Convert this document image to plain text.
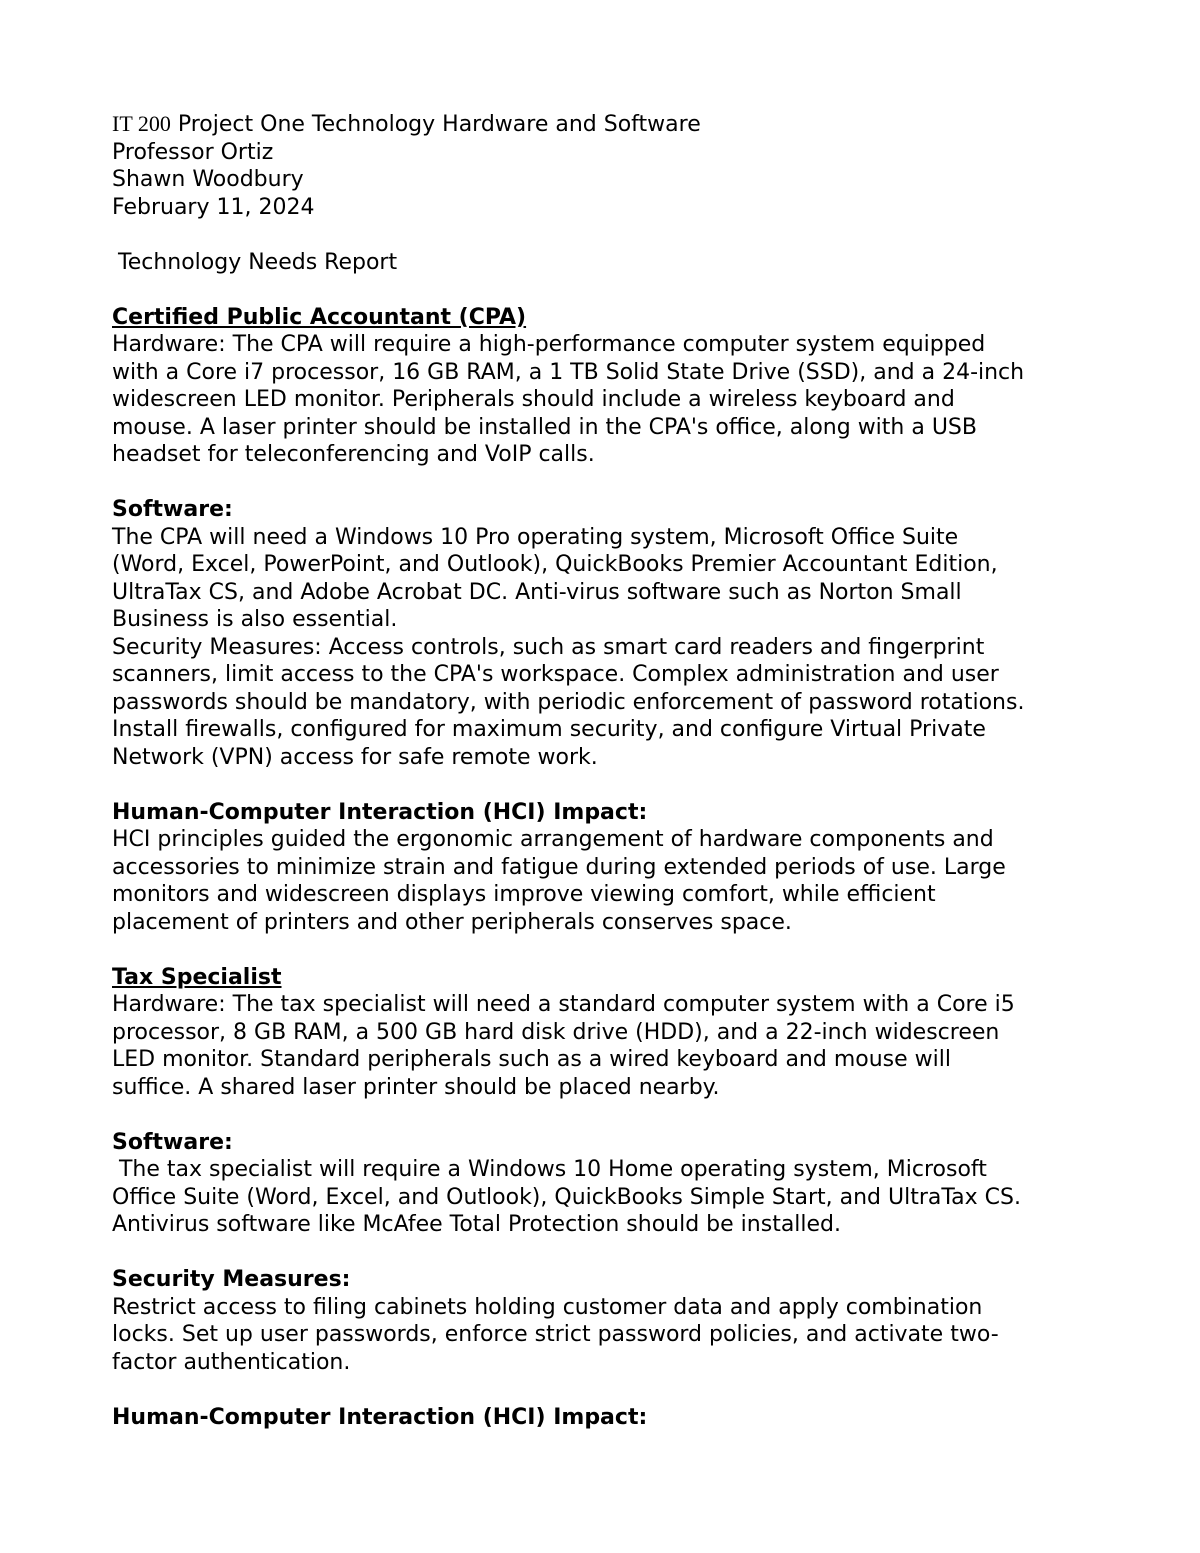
IT 200 Project One Technology Hardware and Software
Professor Ortiz
Shawn Woodbury
February 11, 2024
Technology Needs Report
Certified Public Accountant (CPA)
Hardware: The CPA will require a high-performance computer system equipped
with a Core i7 processor, 16 GB RAM, a 1 TB Solid State Drive (SSD), and a 24-inch
widescreen LED monitor. Peripherals should include a wireless keyboard and
mouse. A laser printer should be installed in the CPA's office, along with a USB
headset for teleconferencing and VoIP calls.
Software:
The CPA will need a Windows 10 Pro operating system, Microsoft Office Suite
(Word, Excel, PowerPoint, and Outlook), QuickBooks Premier Accountant Edition,
UltraTax CS, and Adobe Acrobat DC. Anti-virus software such as Norton Small
Business is also essential.
Security Measures: Access controls, such as smart card readers and fingerprint
scanners, limit access to the CPA's workspace. Complex administration and user
passwords should be mandatory, with periodic enforcement of password rotations.
Install firewalls, configured for maximum security, and configure Virtual Private
Network (VPN) access for safe remote work.
Human-Computer Interaction (HCI) Impact:
HCI principles guided the ergonomic arrangement of hardware components and
accessories to minimize strain and fatigue during extended periods of use. Large
monitors and widescreen displays improve viewing comfort, while efficient
placement of printers and other peripherals conserves space.
Tax Specialist
Hardware: The tax specialist will need a standard computer system with a Core i5
processor, 8 GB RAM, a 500 GB hard disk drive (HDD), and a 22-inch widescreen
LED monitor. Standard peripherals such as a wired keyboard and mouse will
suffice. A shared laser printer should be placed nearby.
Software:
The tax specialist will require a Windows 10 Home operating system, Microsoft
Office Suite (Word, Excel, and Outlook), QuickBooks Simple Start, and UltraTax CS.
Antivirus software like McAfee Total Protection should be installed.
Security Measures:
Restrict access to filing cabinets holding customer data and apply combination
locks. Set up user passwords, enforce strict password policies, and activate two-
factor authentication.
Human-Computer Interaction (HCI) Impact:
